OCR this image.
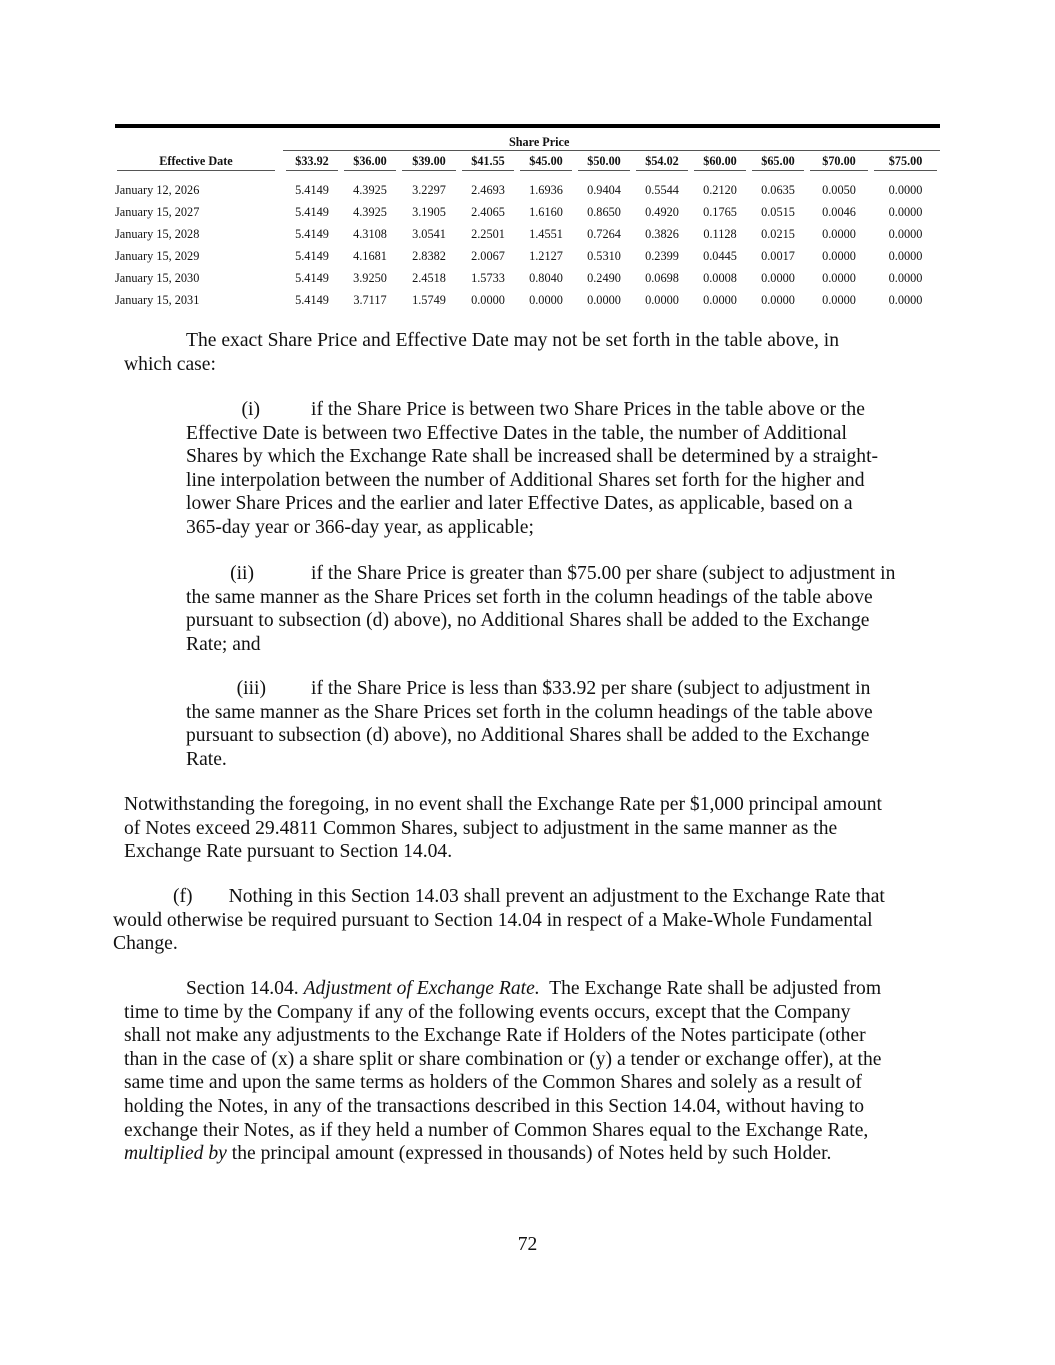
					Share Price						

Effective Date	$33.92	$36.00	$39.00	$41.55	$45.00	$50.00	$54.02	$60.00	$65.00	$70.00	$75.00

January 12, 2026	5.4149	4.3925	3.2297	2.4693	1.6936	0.9404	0.5544	0.2120	0.0635	0.0050	0.0000
January 15, 2027	5.4149	4.3925	3.1905	2.4065	1.6160	0.8650	0.4920	0.1765	0.0515	0.0046	0.0000
January 15, 2028	5.4149	4.3108	3.0541	2.2501	1.4551	0.7264	0.3826	0.1128	0.0215	0.0000	0.0000
January 15, 2029	5.4149	4.1681	2.8382	2.0067	1.2127	0.5310	0.2399	0.0445	0.0017	0.0000	0.0000
January 15, 2030	5.4149	3.9250	2.4518	1.5733	0.8040	0.2490	0.0698	0.0008	0.0000	0.0000	0.0000
January 15, 2031	5.4149	3.7117	1.5749	0.0000	0.0000	0.0000	0.0000	0.0000	0.0000	0.0000	0.0000
The exact Share Price and Effective Date may not be set forth in the table above, in
which case:
(i)	if the Share Price is between two Share Prices in the table above or the
Effective Date is between two Effective Dates in the table, the number of Additional
Shares by which the Exchange Rate shall be increased shall be determined by a straight-
line interpolation between the number of Additional Shares set forth for the higher and
lower Share Prices and the earlier and later Effective Dates, as applicable, based on a
365-day year or 366-day year, as applicable;
(ii)	if the Share Price is greater than $75.00 per share (subject to adjustment in
the same manner as the Share Prices set forth in the column headings of the table above
pursuant to subsection (d) above), no Additional Shares shall be added to the Exchange
Rate; and
(iii) if the Share Price is less than $33.92 per share (subject to adjustment in
the same manner as the Share Prices set forth in the column headings of the table above
pursuant to subsection (d) above), no Additional Shares shall be added to the Exchange
Rate.
Notwithstanding the foregoing, in no event shall the Exchange Rate per $1,000 principal amount
of Notes exceed 29.4811 Common Shares, subject to adjustment in the same manner as the
Exchange Rate pursuant to Section 14.04.
(f) Nothing in this Section 14.03 shall prevent an adjustment to the Exchange Rate that
would otherwise be required pursuant to Section 14.04 in respect of a Make-Whole Fundamental
Change.
Section 14.04. Adjustment of Exchange Rate. The Exchange Rate shall be adjusted from
time to time by the Company if any of the following events occurs, except that the Company
shall not make any adjustments to the Exchange Rate if Holders of the Notes participate (other
than in the case of (x) a share split or share combination or (y) a tender or exchange offer), at the
same time and upon the same terms as holders of the Common Shares and solely as a result of
holding the Notes, in any of the transactions described in this Section 14.04, without having to
exchange their Notes, as if they held a number of Common Shares equal to the Exchange Rate,
multiplied by the principal amount (expressed in thousands) of Notes held by such Holder.
72
